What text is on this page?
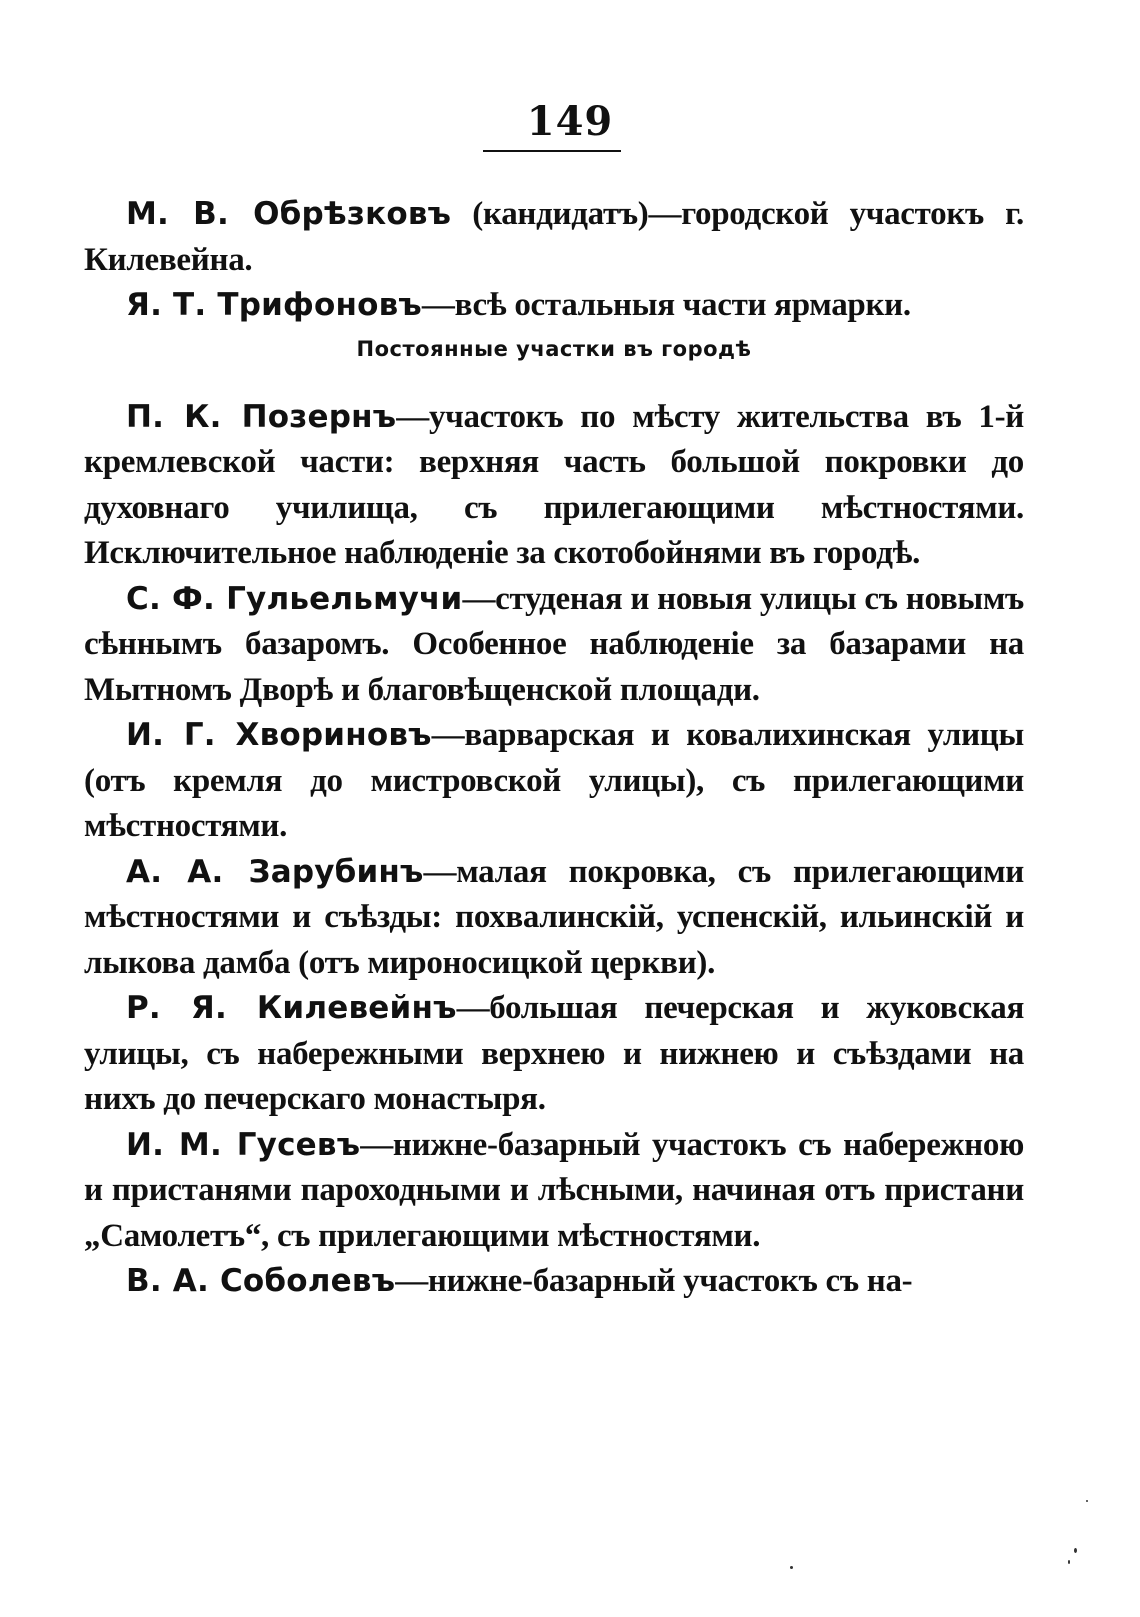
149

М. В. Обрѣзковъ (кандидатъ)—городской участокъ г. Килевейна.

Я. Т. Трифоновъ—всѣ остальныя части ярмарки.

Постоянные участки въ городѣ

П. К. Позернъ—участокъ по мѣсту жительства въ 1-й кремлевской части: верхняя часть большой покровки до духовнаго училища, съ прилегающими мѣстностями. Исключительное наблюденіе за скотобойнями въ городѣ.

С. Ф. Гульельмучи—студеная и новыя улицы съ новымъ сѣннымъ базаромъ. Особенное наблюденіе за базарами на Мытномъ Дворѣ и благовѣщенской площади.

И. Г. Хвориновъ—варварская и ковалихинская улицы (отъ кремля до мистровской улицы), съ прилегающими мѣстностями.

А. А. Зарубинъ—малая покровка, съ прилегающими мѣстностями и съѣзды: похвалинскій, успенскій, ильинскій и лыкова дамба (отъ мироносицкой церкви).

Р. Я. Килевейнъ—большая печерская и жуковская улицы, съ набережными верхнею и нижнею и съѣздами на нихъ до печерскаго монастыря.

И. М. Гусевъ—нижне-базарный участокъ съ набережною и пристанями пароходными и лѣсными, начиная отъ пристани „Самолетъ“, съ прилегающими мѣстностями.

В. А. Соболевъ—нижне-базарный участокъ съ на-
